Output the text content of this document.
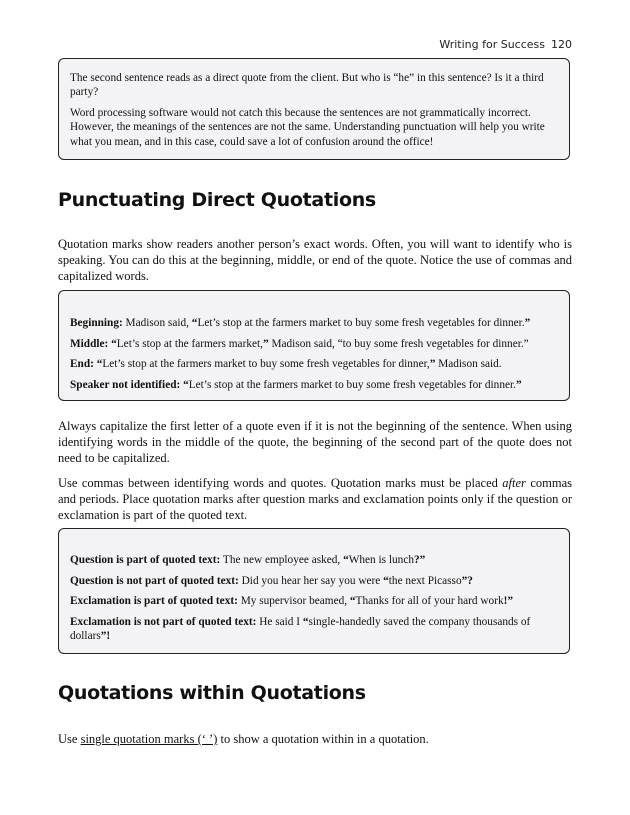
Writing for Success 120

The second sentence reads as a direct quote from the client. But who is “he” in this sentence? Is it a third party?

Word processing software would not catch this because the sentences are not grammatically incorrect. However, the meanings of the sentences are not the same. Understanding punctuation will help you write what you mean, and in this case, could save a lot of confusion around the office!

Punctuating Direct Quotations

Quotation marks show readers another person’s exact words. Often, you will want to identify who is speaking. You can do this at the beginning, middle, or end of the quote. Notice the use of commas and capitalized words.

Beginning: Madison said, “Let’s stop at the farmers market to buy some fresh vegetables for dinner.”
Middle: “Let’s stop at the farmers market,” Madison said, “to buy some fresh vegetables for dinner.”
End: “Let’s stop at the farmers market to buy some fresh vegetables for dinner,” Madison said.
Speaker not identified: “Let’s stop at the farmers market to buy some fresh vegetables for dinner.”

Always capitalize the first letter of a quote even if it is not the beginning of the sentence. When using identifying words in the middle of the quote, the beginning of the second part of the quote does not need to be capitalized.

Use commas between identifying words and quotes. Quotation marks must be placed after commas and periods. Place quotation marks after question marks and exclamation points only if the question or exclamation is part of the quoted text.

Question is part of quoted text: The new employee asked, “When is lunch?”
Question is not part of quoted text: Did you hear her say you were “the next Picasso”?
Exclamation is part of quoted text: My supervisor beamed, “Thanks for all of your hard work!”
Exclamation is not part of quoted text: He said I “single-handedly saved the company thousands of dollars”!
Quotations within Quotations

Use single quotation marks (‘ ’) to show a quotation within in a quotation.
